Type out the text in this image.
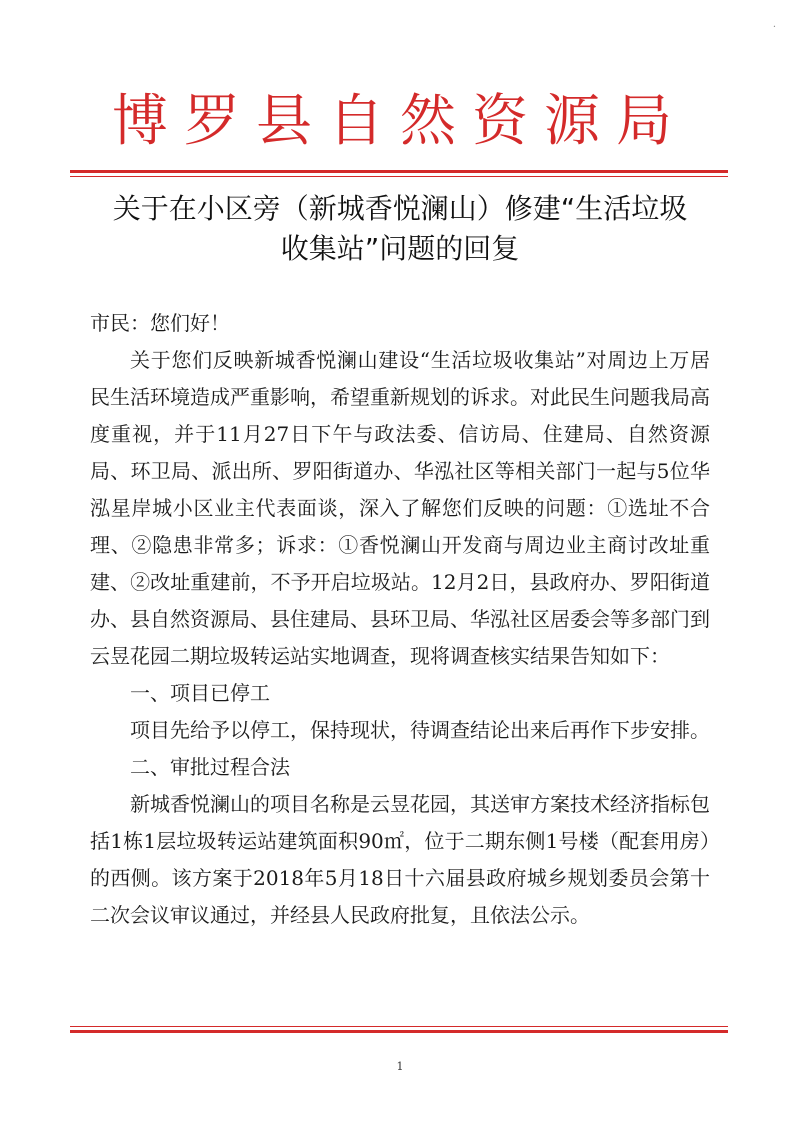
·
博罗县自然资源局
关于在小区旁（新城香悦澜山）修建“生活垃圾
收集站”问题的回复

市民：您们好！

关于您们反映新城香悦澜山建设“生活垃圾收集站”对周边上万居民生活环境造成严重影响，希望重新规划的诉求。对此民生问题我局高度重视，并于11月27日下午与政法委、信访局、住建局、自然资源局、环卫局、派出所、罗阳街道办、华泓社区等相关部门一起与5位华泓星岸城小区业主代表面谈，深入了解您们反映的问题：①选址不合理、②隐患非常多；诉求：①香悦澜山开发商与周边业主商讨改址重建、②改址重建前，不予开启垃圾站。12月2日，县政府办、罗阳街道办、县自然资源局、县住建局、县环卫局、华泓社区居委会等多部门到云昱花园二期垃圾转运站实地调查，现将调查核实结果告知如下：

一、项目已停工

项目先给予以停工，保持现状，待调查结论出来后再作下步安排。

二、审批过程合法

新城香悦澜山的项目名称是云昱花园，其送审方案技术经济指标包括1栋1层垃圾转运站建筑面积90㎡，位于二期东侧1号楼（配套用房）的西侧。该方案于2018年5月18日十六届县政府城乡规划委员会第十二次会议审议通过，并经县人民政府批复，且依法公示。

1
